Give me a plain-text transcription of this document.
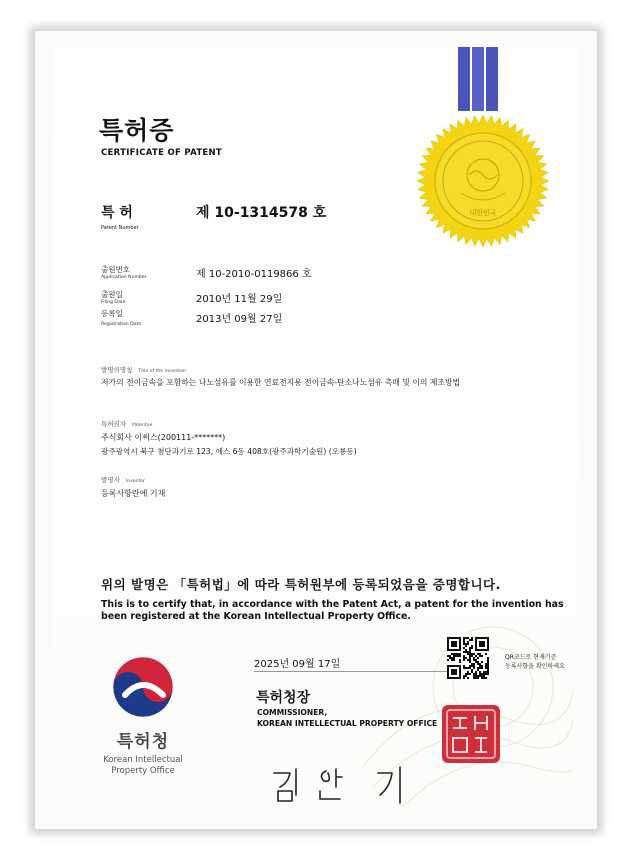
대한민국
특허증
CERTIFICATE OF PATENT
특 허
Patent Number
제 10-1314578 호
출원번호
Application Number	제 10-2010-0119866 호
출원일
Filing Date	2010년 11월 29일
등록일
Registration Date	2013년 09월 27일
발명의명칭 Title of the invention
저가의 전이금속을 포함하는 나노섬유를 이용한 연료전지용 전이금속-탄소나노섬유 촉매 및 이의 제조방법
특허권자 Patentee
주식회사 이써스(200111-*******)
광주광역시 북구 첨단과기로 123, 에스 6동 408호(광주과학기술원) (오룡동)
발명자 Inventor
등록사항란에 기재
위의 발명은 「특허법」에 따라 특허원부에 등록되었음을 증명합니다.
This is to certify that, in accordance with the Patent Act, a patent for the invention has been registered at the Korean Intellectual Property Office.
특허청
Korean Intellectual
Property Office
2025년 09월 17일
QR코드로 현재기준
등록사항을 확인하세요
특허청장
COMMISSIONER,
KOREAN INTELLECTUAL PROPERTY OFFICE
